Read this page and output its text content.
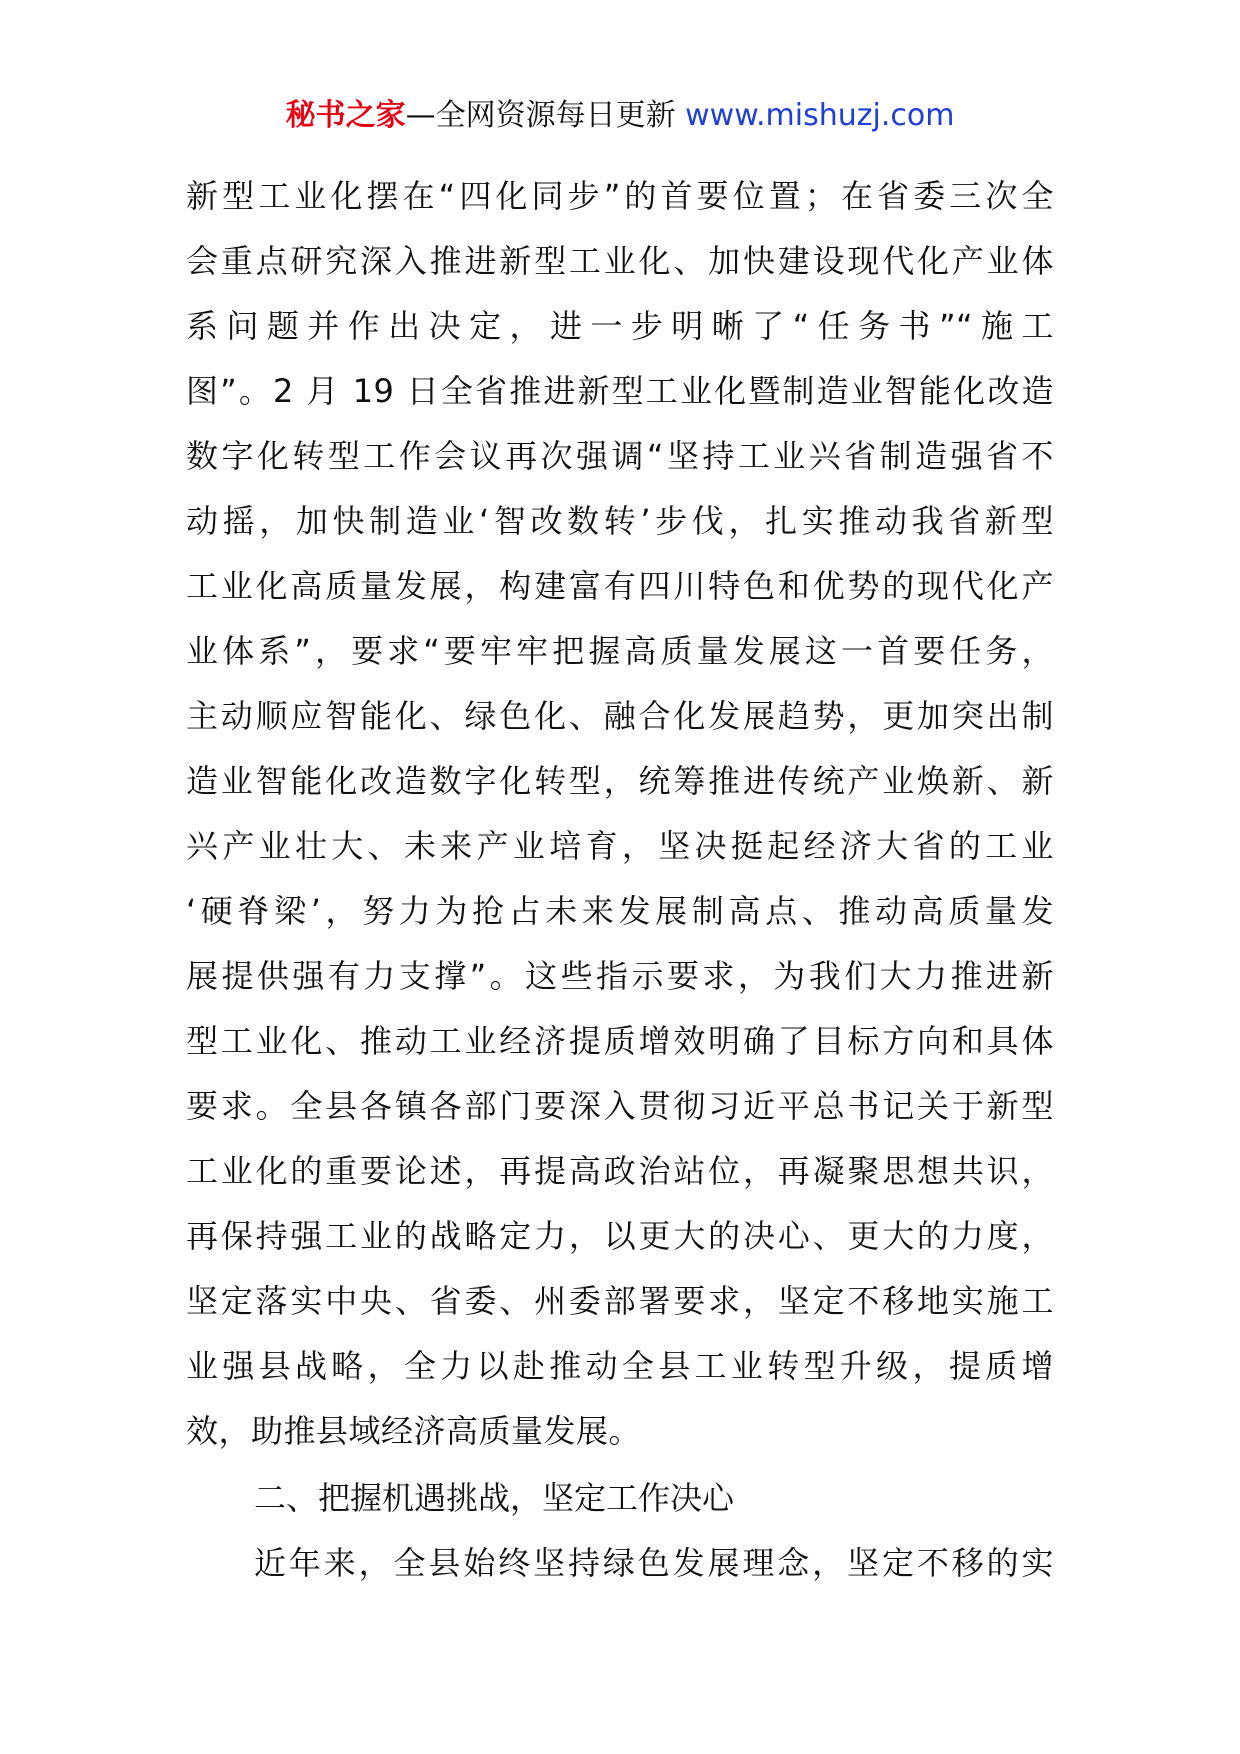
秘书之家—全网资源每日更新 www.mishuzj.com
新型工业化摆在“四化同步”的首要位置；在省委三次全
会重点研究深入推进新型工业化、加快建设现代化产业体
系问题并作出决定，进一步明晰了“任务书”“施工
图”。2 月 19 日全省推进新型工业化暨制造业智能化改造
数字化转型工作会议再次强调“坚持工业兴省制造强省不
动摇，加快制造业‘智改数转’步伐，扎实推动我省新型
工业化高质量发展，构建富有四川特色和优势的现代化产
业体系”，要求“要牢牢把握高质量发展这一首要任务，
主动顺应智能化、绿色化、融合化发展趋势，更加突出制
造业智能化改造数字化转型，统筹推进传统产业焕新、新
兴产业壮大、未来产业培育，坚决挺起经济大省的工业
‘硬脊梁’，努力为抢占未来发展制高点、推动高质量发
展提供强有力支撑”。这些指示要求，为我们大力推进新
型工业化、推动工业经济提质增效明确了目标方向和具体
要求。全县各镇各部门要深入贯彻习近平总书记关于新型
工业化的重要论述，再提高政治站位，再凝聚思想共识，
再保持强工业的战略定力，以更大的决心、更大的力度，
坚定落实中央、省委、州委部署要求，坚定不移地实施工
业强县战略，全力以赴推动全县工业转型升级，提质增
效，助推县域经济高质量发展。
二、把握机遇挑战，坚定工作决心
近年来，全县始终坚持绿色发展理念，坚定不移的实
